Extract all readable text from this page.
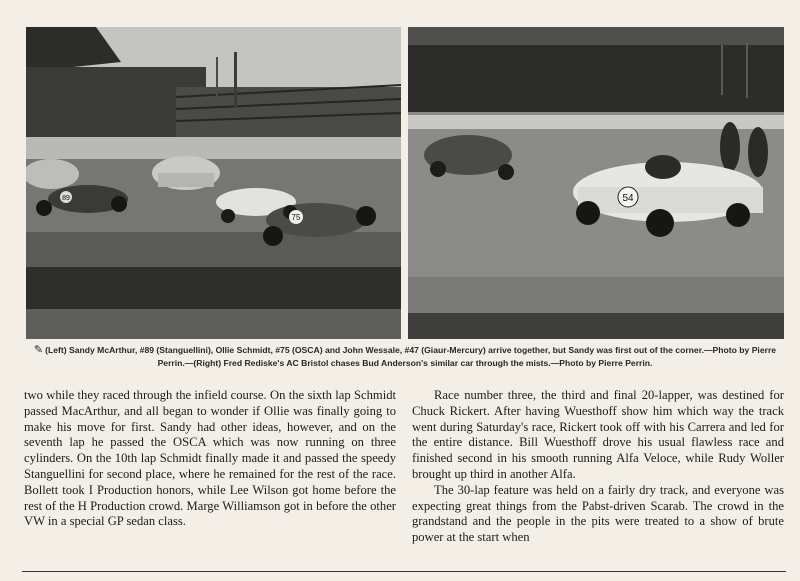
75
89	54
✎ (Left) Sandy McArthur, #89 (Stanguellini), Ollie Schmidt, #75 (OSCA) and John Wessale, #47 (Giaur-Mercury) arrive together, but Sandy was first out of the corner.—Photo by Pierre Perrin.—(Right) Fred Rediske's AC Bristol chases Bud Anderson's similar car through the mists.—Photo by Pierre Perrin.

two while they raced through the infield course. On the sixth lap Schmidt passed MacArthur, and all began to wonder if Ollie was finally going to make his move for first. Sandy had other ideas, however, and on the seventh lap he passed the OSCA which was now running on three cylinders. On the 10th lap Schmidt finally made it and passed the speedy Stanguellini for second place, where he remained for the rest of the race. Bollett took I Production honors, while Lee Wilson got home before the rest of the H Production crowd. Marge Williamson got in before the other VW in a special GP sedan class.

Race number three, the third and final 20-lapper, was destined for Chuck Rickert. After having Wuesthoff show him which way the track went during Saturday's race, Rickert took off with his Carrera and led for the entire distance. Bill Wuesthoff drove his usual flawless race and finished second in his smooth running Alfa Veloce, while Rudy Woller brought up third in another Alfa.

The 30-lap feature was held on a fairly dry track, and everyone was expecting great things from the Pabst-driven Scarab. The crowd in the grandstand and the people in the pits were treated to a show of brute power at the start when
